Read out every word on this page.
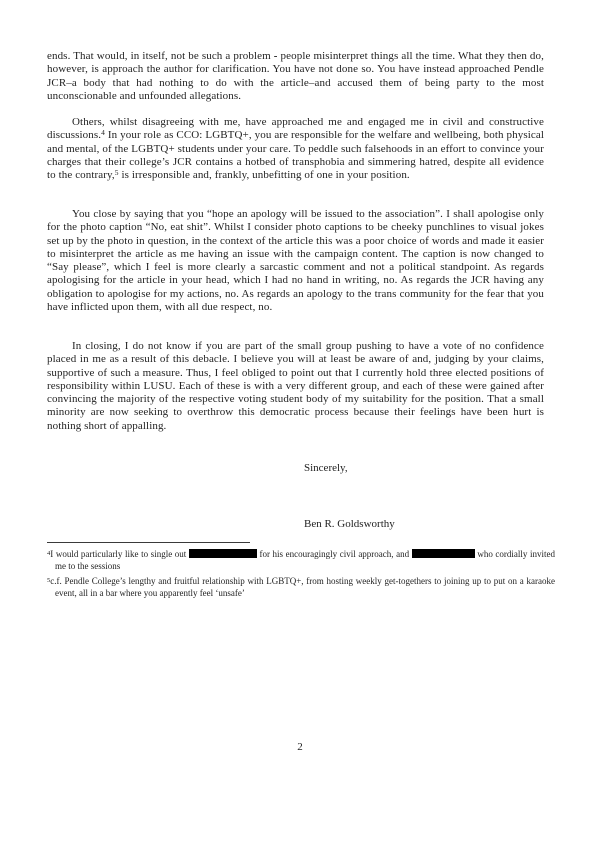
ends. That would, in itself, not be such a problem - people misinterpret things all the time. What they then do, however, is approach the author for clarification. You have not done so. You have instead approached Pendle JCR–a body that had nothing to do with the article–and accused them of being party to the most unconscionable and unfounded allegations.

Others, whilst disagreeing with me, have approached me and engaged me in civil and constructive discussions.$^4$ In your role as CCO: LGBTQ+, you are responsible for the welfare and wellbeing, both physical and mental, of the LGBTQ+ students under your care. To peddle such falsehoods in an effort to convince your charges that their college’s JCR contains a hotbed of transphobia and simmering hatred, despite all evidence to the contrary,$^5$ is irresponsible and, frankly, unbefitting of one in your position.

You close by saying that you “hope an apology will be issued to the association”. I shall apologise only for the photo caption “No, eat shit”. Whilst I consider photo captions to be cheeky punchlines to visual jokes set up by the photo in question, in the context of the article this was a poor choice of words and made it easier to misinterpret the article as me having an issue with the campaign content. The caption is now changed to “Say please”, which I feel is more clearly a sarcastic comment and not a political standpoint. As regards apologising for the article in your head, which I had no hand in writing, no. As regards the JCR having any obligation to apologise for my actions, no. As regards an apology to the trans community for the fear that you have inflicted upon them, with all due respect, no.

In closing, I do not know if you are part of the small group pushing to have a vote of no confidence placed in me as a result of this debacle. I believe you will at least be aware of and, judging by your claims, supportive of such a measure. Thus, I feel obliged to point out that I currently hold three elected positions of responsibility within LUSU. Each of these is with a very different group, and each of these were gained after convincing the majority of the respective voting student body of my suitability for the position. That a small minority are now seeking to overthrow this democratic process because their feelings have been hurt is nothing short of appalling.

Sincerely,

Ben R. Goldsworthy

$^4$I would particularly like to single out	for his encouragingly civil approach, and	who cordially invited me to the sessions

$^5$c.f. Pendle College’s lengthy and fruitful relationship with LGBTQ+, from hosting weekly get-togethers to joining up to put on a karaoke event, all in a bar where you apparently feel ‘unsafe’

2
